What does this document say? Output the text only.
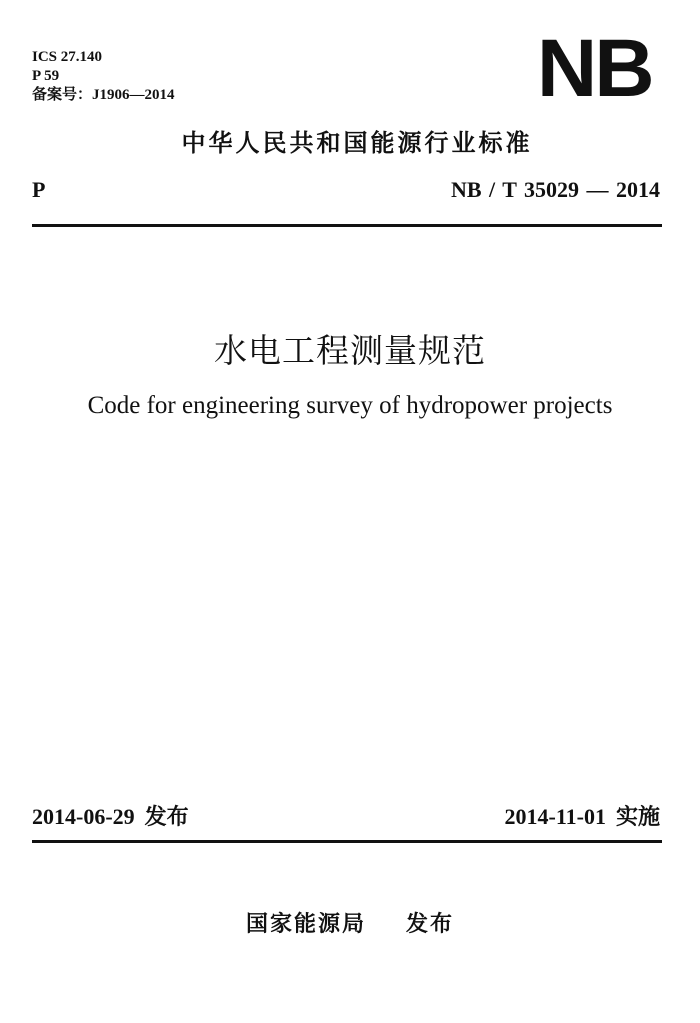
ICS 27.140
P 59
备案号：J1906—2014	NB
中华人民共和国能源行业标准
P	NB / T 35029 — 2014
水电工程测量规范
Code for engineering survey of hydropower projects
2014-06-29 发布	2014-11-01 实施
国家能源局 发布
